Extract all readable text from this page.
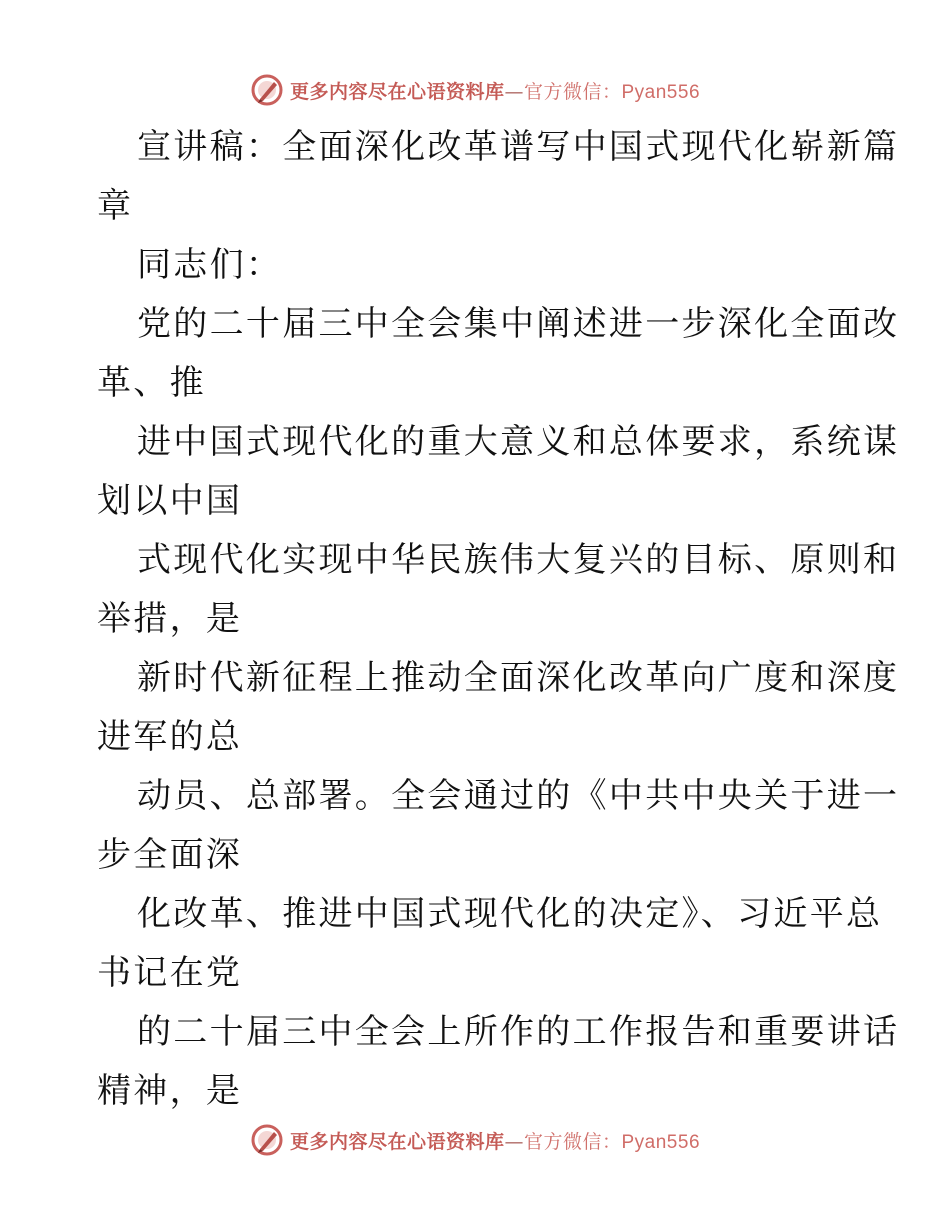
更多内容尽在心语资料库—官方微信：Pyan556
宣讲稿：全面深化改革谱写中国式现代化崭新篇
章
同志们：
党的二十届三中全会集中阐述进一步深化全面改
革、推
进中国式现代化的重大意义和总体要求，系统谋
划以中国
式现代化实现中华民族伟大复兴的目标、原则和
举措，是
新时代新征程上推动全面深化改革向广度和深度
进军的总
动员、总部署。全会通过的《中共中央关于进一
步全面深
化改革、推进中国式现代化的决定》、习近平总
书记在党
的二十届三中全会上所作的工作报告和重要讲话
精神，是
更多内容尽在心语资料库—官方微信：Pyan556
